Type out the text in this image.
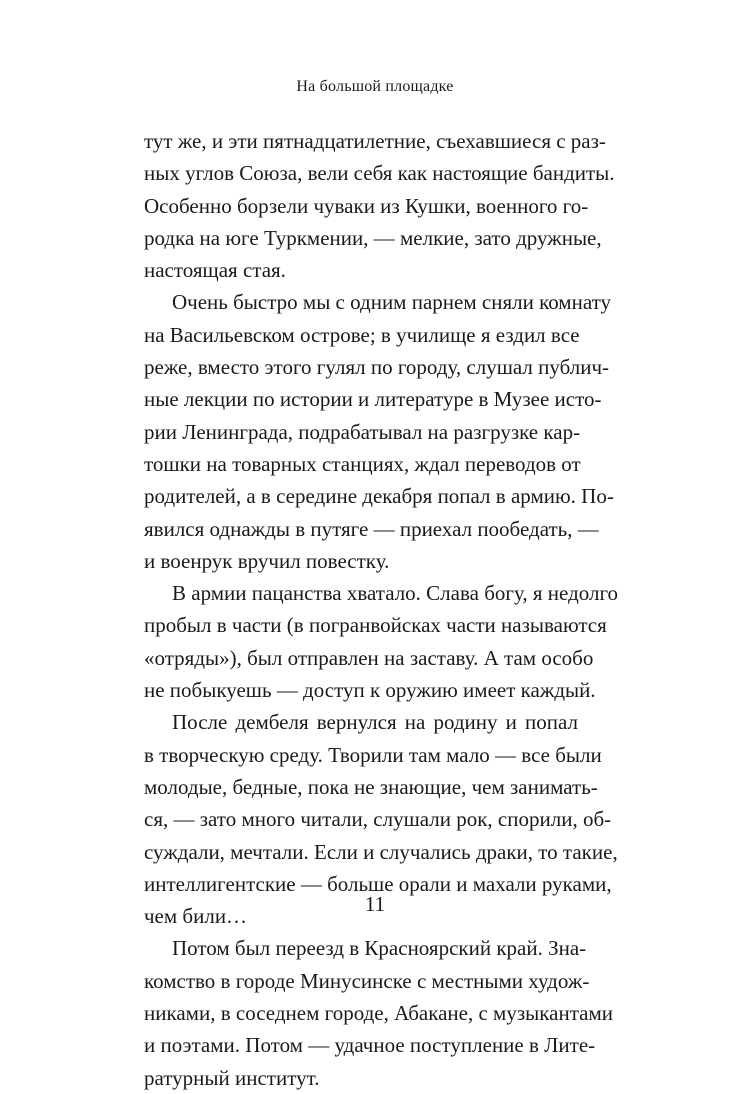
На большой площадке
тут же, и эти пятнадцатилетние, съехавшиеся с раз-
ных углов Союза, вели себя как настоящие бандиты.
Особенно борзели чуваки из Кушки, военного го-
родка на юге Туркмении, — мелкие, зато дружные,
настоящая стая.
Очень быстро мы с одним парнем сняли комнату
на Васильевском острове; в училище я ездил все
реже, вместо этого гулял по городу, слушал публич-
ные лекции по истории и литературе в Музее исто-
рии Ленинграда, подрабатывал на разгрузке кар-
тошки на товарных станциях, ждал переводов от
родителей, а в середине декабря попал в армию. По-
явился однажды в путяге — приехал пообедать, —
и военрук вручил повестку.
В армии пацанства хватало. Слава богу, я недолго
пробыл в части (в погранвойсках части называются
«отряды»), был отправлен на заставу. А там особо
не побыкуешь — доступ к оружию имеет каждый.
После дембеля вернулся на родину и попал
в творческую среду. Творили там мало — все были
молодые, бедные, пока не знающие, чем занимать-
ся, — зато много читали, слушали рок, спорили, об-
суждали, мечтали. Если и случались драки, то такие,
интеллигентские — больше орали и махали руками,
чем били…
Потом был переезд в Красноярский край. Зна-
комство в городе Минусинске с местными худож-
никами, в соседнем городе, Абакане, с музыкантами
и поэтами. Потом — удачное поступление в Лите-
ратурный институт.
11
